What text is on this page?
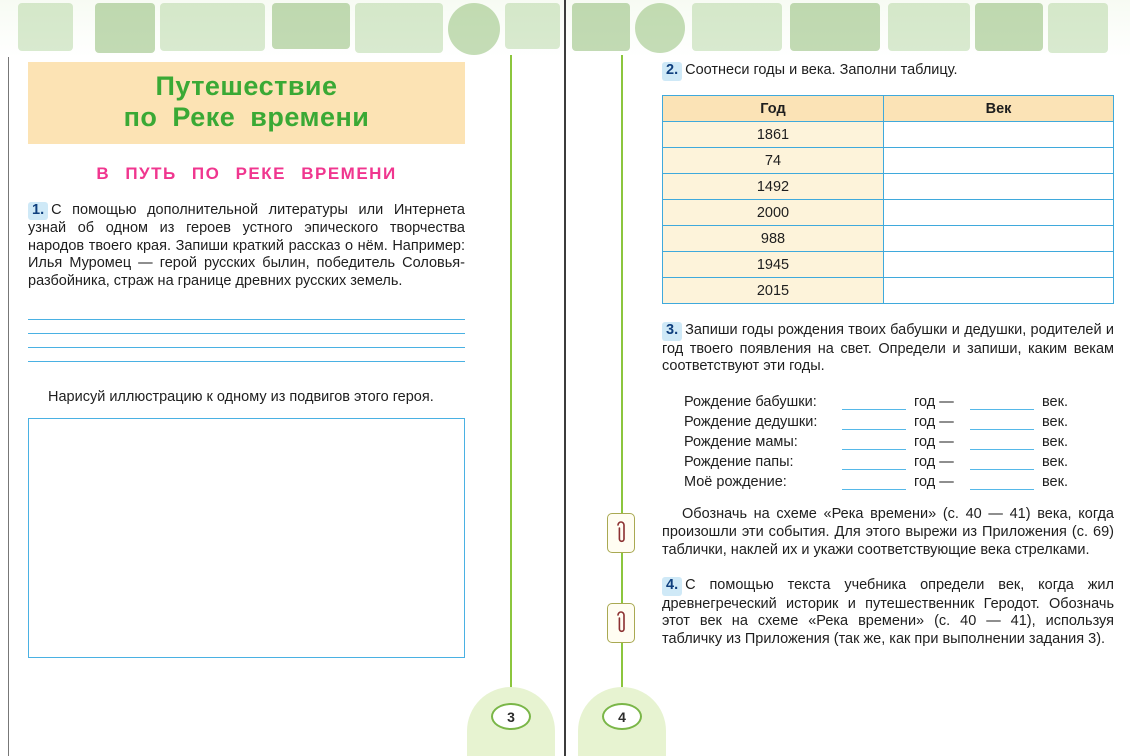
Путешествие
по Реке времени
В ПУТЬ ПО РЕКЕ ВРЕМЕНИ

1. С помощью дополнительной литературы или Интернета узнай об одном из героев устного эпического творчества народов твоего края. Запиши краткий рассказ о нём. Например: Илья Муромец — герой русских былин, победитель Соловья-разбойника, страж на границе древних русских земель.

Нарисуй иллюстрацию к одному из подвигов этого героя.

2. Соотнеси годы и века. Заполни таблицу.

Год	Век
1861	
74	
1492	
2000	
988	
1945	
2015	

3. Запиши годы рождения твоих бабушки и дедушки, родителей и год твоего появления на свет. Определи и запиши, каким векам соответствуют эти годы.

Рождение бабушки:	год —	век.
Рождение дедушки:	год —	век.
Рождение мамы:	год —	век.
Рождение папы:	год —	век.
Моё рождение:	год —	век.
Обозначь на схеме «Река времени» (с. 40 — 41) века, когда произошли эти события. Для этого вырежи из Приложения (с. 69) таблички, наклей их и укажи соответствующие века стрелками.

4. С помощью текста учебника определи век, когда жил древнегреческий историк и путешественник Геродот. Обозначь этот век на схеме «Река времени» (с. 40 — 41), используя табличку из Приложения (так же, как при выполнении задания 3).

3	4
